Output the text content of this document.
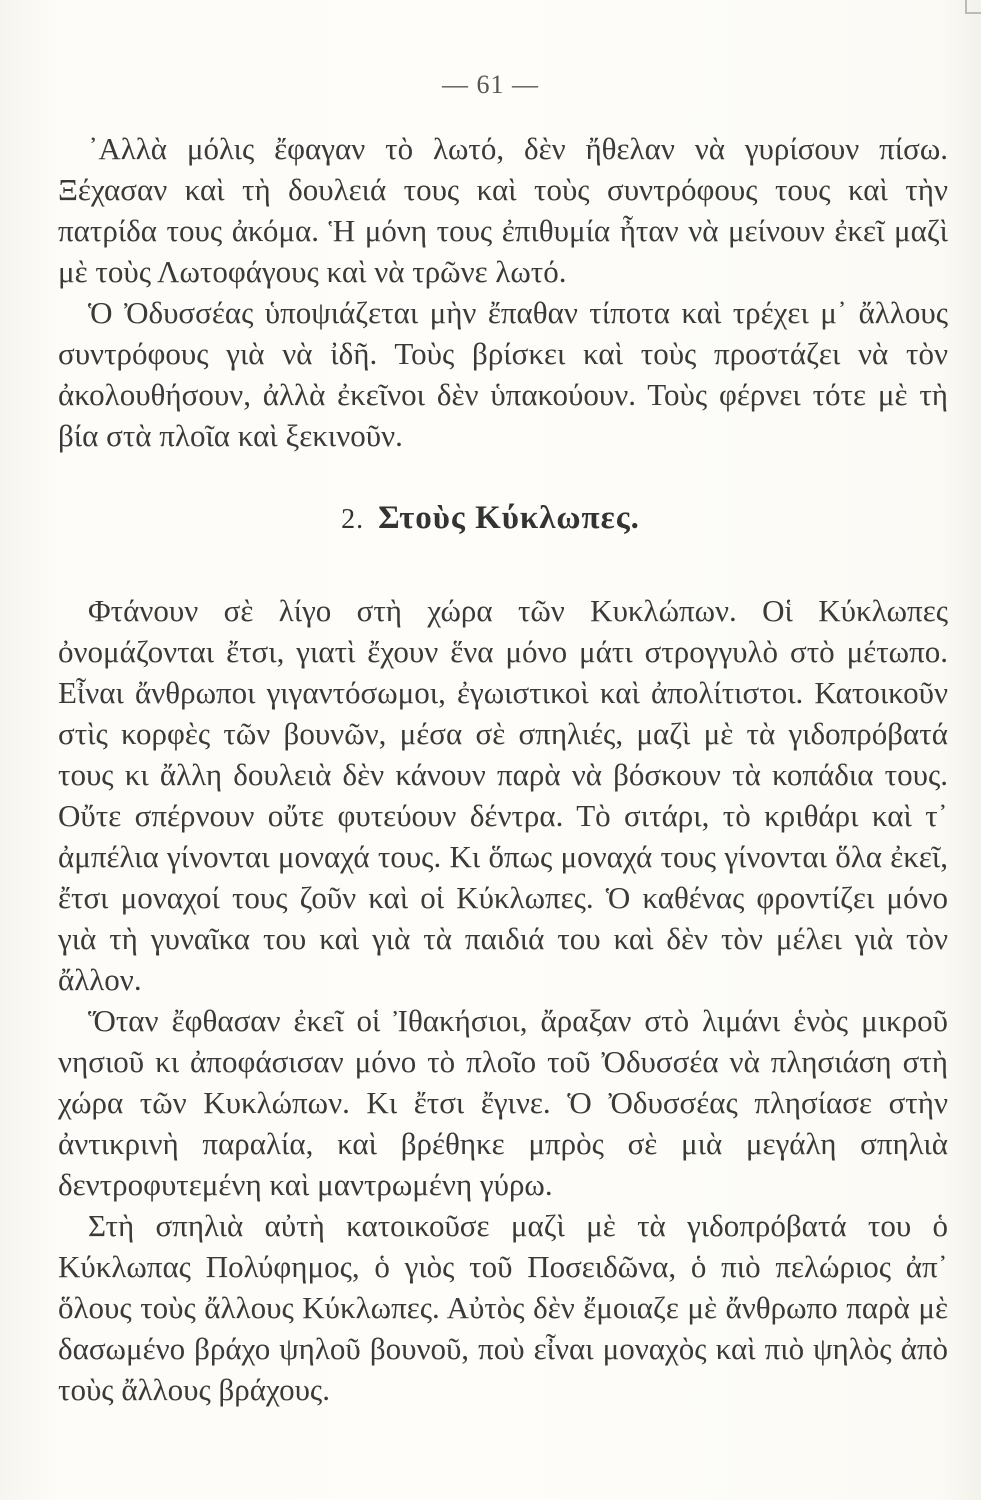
— 61 —

᾿Αλλὰ μόλις ἔφαγαν τὸ λωτό, δὲν ἤθελαν νὰ γυρίσουν πίσω. Ξέχασαν καὶ τὴ δουλειά τους καὶ τοὺς συντρόφους τους καὶ τὴν πατρίδα τους ἀκόμα. Ἡ μόνη τους ἐπιθυμία ἦταν νὰ μείνουν ἐκεῖ μαζὶ μὲ τοὺς Λωτοφάγους καὶ νὰ τρῶνε λωτό.

Ὁ Ὀδυσσέας ὑποψιάζεται μὴν ἔπαθαν τίποτα καὶ τρέχει μ᾿ ἄλλους συντρόφους γιὰ νὰ ἰδῆ. Τοὺς βρίσκει καὶ τοὺς προστάζει νὰ τὸν ἀκολουθήσουν, ἀλλὰ ἐκεῖνοι δὲν ὑπακούουν. Τοὺς φέρνει τότε μὲ τὴ βία στὰ πλοῖα καὶ ξεκινοῦν.

2. Στοὺς Κύκλωπες.

Φτάνουν σὲ λίγο στὴ χώρα τῶν Κυκλώπων. Οἱ Κύκλωπες ὀνομάζονται ἔτσι, γιατὶ ἔχουν ἕνα μόνο μάτι στρογγυλὸ στὸ μέτωπο. Εἶναι ἄνθρωποι γιγαντόσωμοι, ἐγωιστικοὶ καὶ ἀπολίτιστοι. Κατοικοῦν στὶς κορφὲς τῶν βουνῶν, μέσα σὲ σπηλιές, μαζὶ μὲ τὰ γιδοπρόβατά τους κι ἄλλη δουλειὰ δὲν κάνουν παρὰ νὰ βόσκουν τὰ κοπάδια τους. Οὔτε σπέρνουν οὔτε φυτεύουν δέντρα. Τὸ σιτάρι, τὸ κριθάρι καὶ τ᾿ ἀμπέλια γίνονται μοναχά τους. Κι ὅπως μοναχά τους γίνονται ὅλα ἐκεῖ, ἔτσι μοναχοί τους ζοῦν καὶ οἱ Κύκλωπες. Ὁ καθένας φροντίζει μόνο γιὰ τὴ γυναῖκα του καὶ γιὰ τὰ παιδιά του καὶ δὲν τὸν μέλει γιὰ τὸν ἄλλον.

Ὅταν ἔφθασαν ἐκεῖ οἱ Ἰθακήσιοι, ἄραξαν στὸ λιμάνι ἑνὸς μικροῦ νησιοῦ κι ἀποφάσισαν μόνο τὸ πλοῖο τοῦ Ὀδυσσέα νὰ πλησιάση στὴ χώρα τῶν Κυκλώπων. Κι ἔτσι ἔγινε. Ὁ Ὀδυσσέας πλησίασε στὴν ἀντικρινὴ παραλία, καὶ βρέθηκε μπρὸς σὲ μιὰ μεγάλη σπηλιὰ δεντροφυτεμένη καὶ μαντρωμένη γύρω.

Στὴ σπηλιὰ αὐτὴ κατοικοῦσε μαζὶ μὲ τὰ γιδοπρόβατά του ὁ Κύκλωπας Πολύφημος, ὁ γιὸς τοῦ Ποσειδῶνα, ὁ πιὸ πελώριος ἀπ᾿ ὅλους τοὺς ἄλλους Κύκλωπες. Αὐτὸς δὲν ἔμοιαζε μὲ ἄνθρωπο παρὰ μὲ δασωμένο βράχο ψηλοῦ βουνοῦ, ποὺ εἶναι μοναχὸς καὶ πιὸ ψηλὸς ἀπὸ τοὺς ἄλλους βράχους.
